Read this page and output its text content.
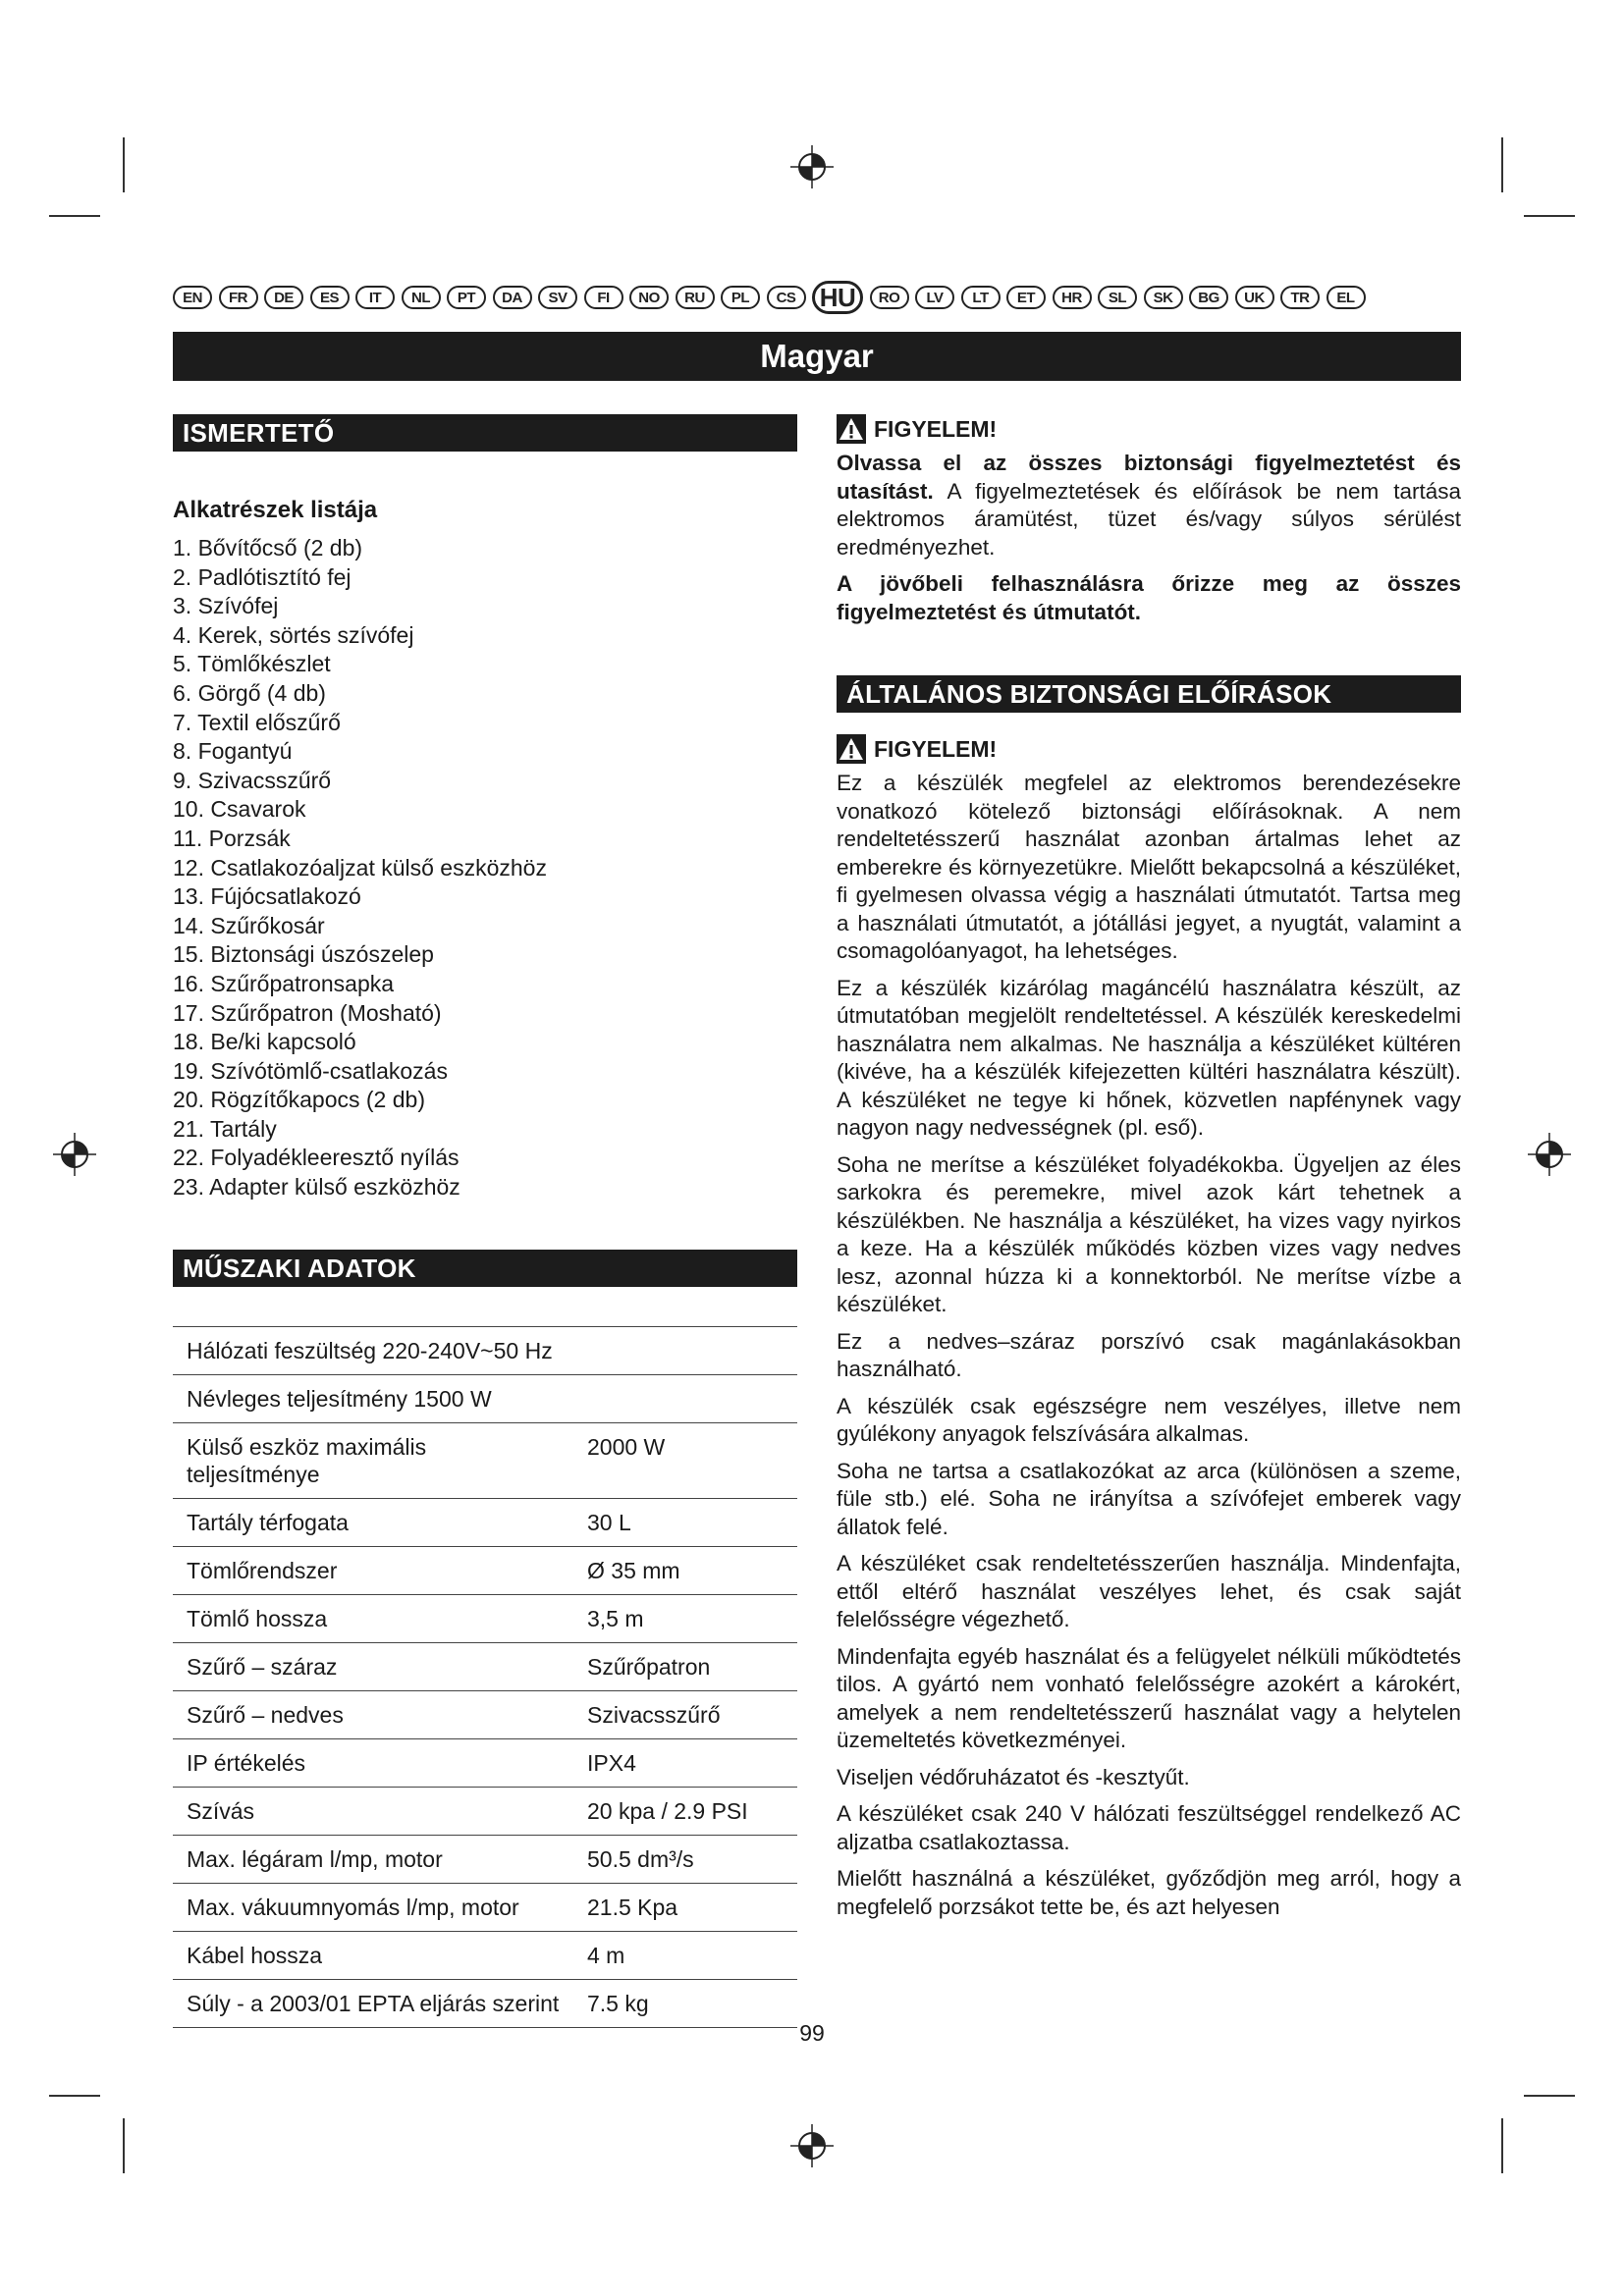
EN	FR	DE	ES	IT	NL	PT	DA	SV	FI	NO	RU	PL	CS HU	RO	LV	LT	ET	HR	SL	SK	BG	UK	TR	EL
Magyar
ISMERTETŐ
Alkatrészek listája
1. Bővítőcső (2 db)
2. Padlótisztító fej
3. Szívófej
4. Kerek, sörtés szívófej
5. Tömlőkészlet
6. Görgő (4 db)
7. Textil előszűrő
8. Fogantyú
9. Szivacsszűrő
10. Csavarok
11. Porzsák
12. Csatlakozóaljzat külső eszközhöz
13. Fújócsatlakozó
14. Szűrőkosár
15. Biztonsági úszószelep
16. Szűrőpatronsapka
17. Szűrőpatron (Mosható)
18. Be/ki kapcsoló
19. Szívótömlő-csatlakozás
20. Rögzítőkapocs (2 db)
21. Tartály
22. Folyadékleeresztő nyílás
23. Adapter külső eszközhöz
MŰSZAKI ADATOK
Hálózati feszültség 220-240V~50 Hz	
Névleges teljesítmény 1500 W	
Külső eszköz maximális teljesítménye	2000 W
Tartály térfogata	30 L
Tömlőrendszer	Ø 35 mm
Tömlő hossza	3,5 m
Szűrő – száraz	Szűrőpatron
Szűrő – nedves	Szivacsszűrő
IP értékelés	IPX4
Szívás	20 kpa / 2.9 PSI
Max. légáram l/mp, motor	50.5 dm³/s
Max. vákuumnyomás l/mp, motor	21.5 Kpa
Kábel hossza	4 m
Súly - a 2003/01 EPTA eljárás szerint	7.5 kg
FIGYELEM!

Olvassa el az összes biztonsági figyelmeztetést és utasítást. A figyelmeztetések és előírások be nem tartása elektromos áramütést, tüzet és/vagy súlyos sérülést eredményezhet.

A jövőbeli felhasználásra őrizze meg az összes figyelmeztetést és útmutatót.

ÁLTALÁNOS BIZTONSÁGI ELŐÍRÁSOK
FIGYELEM!

Ez a készülék megfelel az elektromos berendezésekre vonatkozó kötelező biztonsági előírásoknak. A nem rendeltetésszerű használat azonban ártalmas lehet az emberekre és környezetükre. Mielőtt bekapcsolná a készüléket, fi gyelmesen olvassa végig a használati útmutatót. Tartsa meg a használati útmutatót, a jótállási jegyet, a nyugtát, valamint a csomagolóanyagot, ha lehetséges.

Ez a készülék kizárólag magáncélú használatra készült, az útmutatóban megjelölt rendeltetéssel. A készülék kereskedelmi használatra nem alkalmas. Ne használja a készüléket kültéren (kivéve, ha a készülék kifejezetten kültéri használatra készült). A készüléket ne tegye ki hőnek, közvetlen napfénynek vagy nagyon nagy nedvességnek (pl. eső).

Soha ne merítse a készüléket folyadékokba. Ügyeljen az éles sarkokra és peremekre, mivel azok kárt tehetnek a készülékben. Ne használja a készüléket, ha vizes vagy nyirkos a keze. Ha a készülék működés közben vizes vagy nedves lesz, azonnal húzza ki a konnektorból. Ne merítse vízbe a készüléket.

Ez a nedves–száraz porszívó csak magánlakásokban használható.

A készülék csak egészségre nem veszélyes, illetve nem gyúlékony anyagok felszívására alkalmas.

Soha ne tartsa a csatlakozókat az arca (különösen a szeme, füle stb.) elé. Soha ne irányítsa a szívófejet emberek vagy állatok felé.

A készüléket csak rendeltetésszerűen használja. Mindenfajta, ettől eltérő használat veszélyes lehet, és csak saját felelősségre végezhető.

Mindenfajta egyéb használat és a felügyelet nélküli működtetés tilos. A gyártó nem vonható felelősségre azokért a károkért, amelyek a nem rendeltetésszerű használat vagy a helytelen üzemeltetés következményei.

Viseljen védőruházatot és -kesztyűt.

A készüléket csak 240 V hálózati feszültséggel rendelkező AC aljzatba csatlakoztassa.

Mielőtt használná a készüléket, győződjön meg arról, hogy a megfelelő porzsákot tette be, és azt helyesen

99
